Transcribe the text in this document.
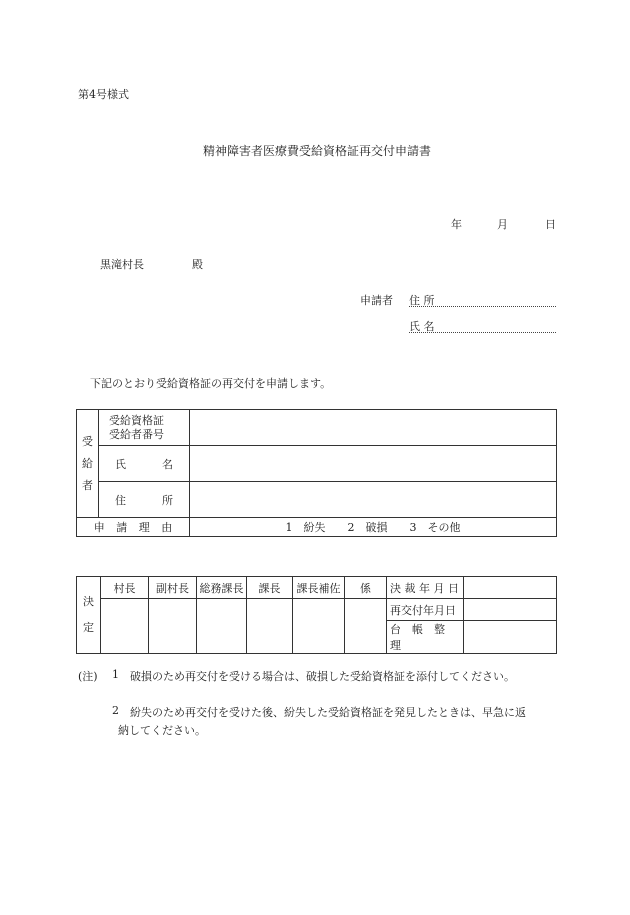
第4号様式
精神障害者医療費受給資格証再交付申請書
年	月	日
黒滝村長	殿
申請者 住 所
氏 名
下記のとおり受給資格証の再交付を申請します。
受
給
者	受給資格証
受給者番号	
	氏 名	
	住 所	
申 請 理 由		1　紛失　　2　破損　　3　その他
決
定	村長	副村長	総務課長	課長	課長補佐	係	決 裁 年 月 日	
							再交付年月日	
							台　帳　整　理	
(注) 1 破損のため再交付を受ける場合は、破損した受給資格証を添付してください。
2 紛失のため再交付を受けた後、紛失した受給資格証を発見したときは、早急に返
納してください。
